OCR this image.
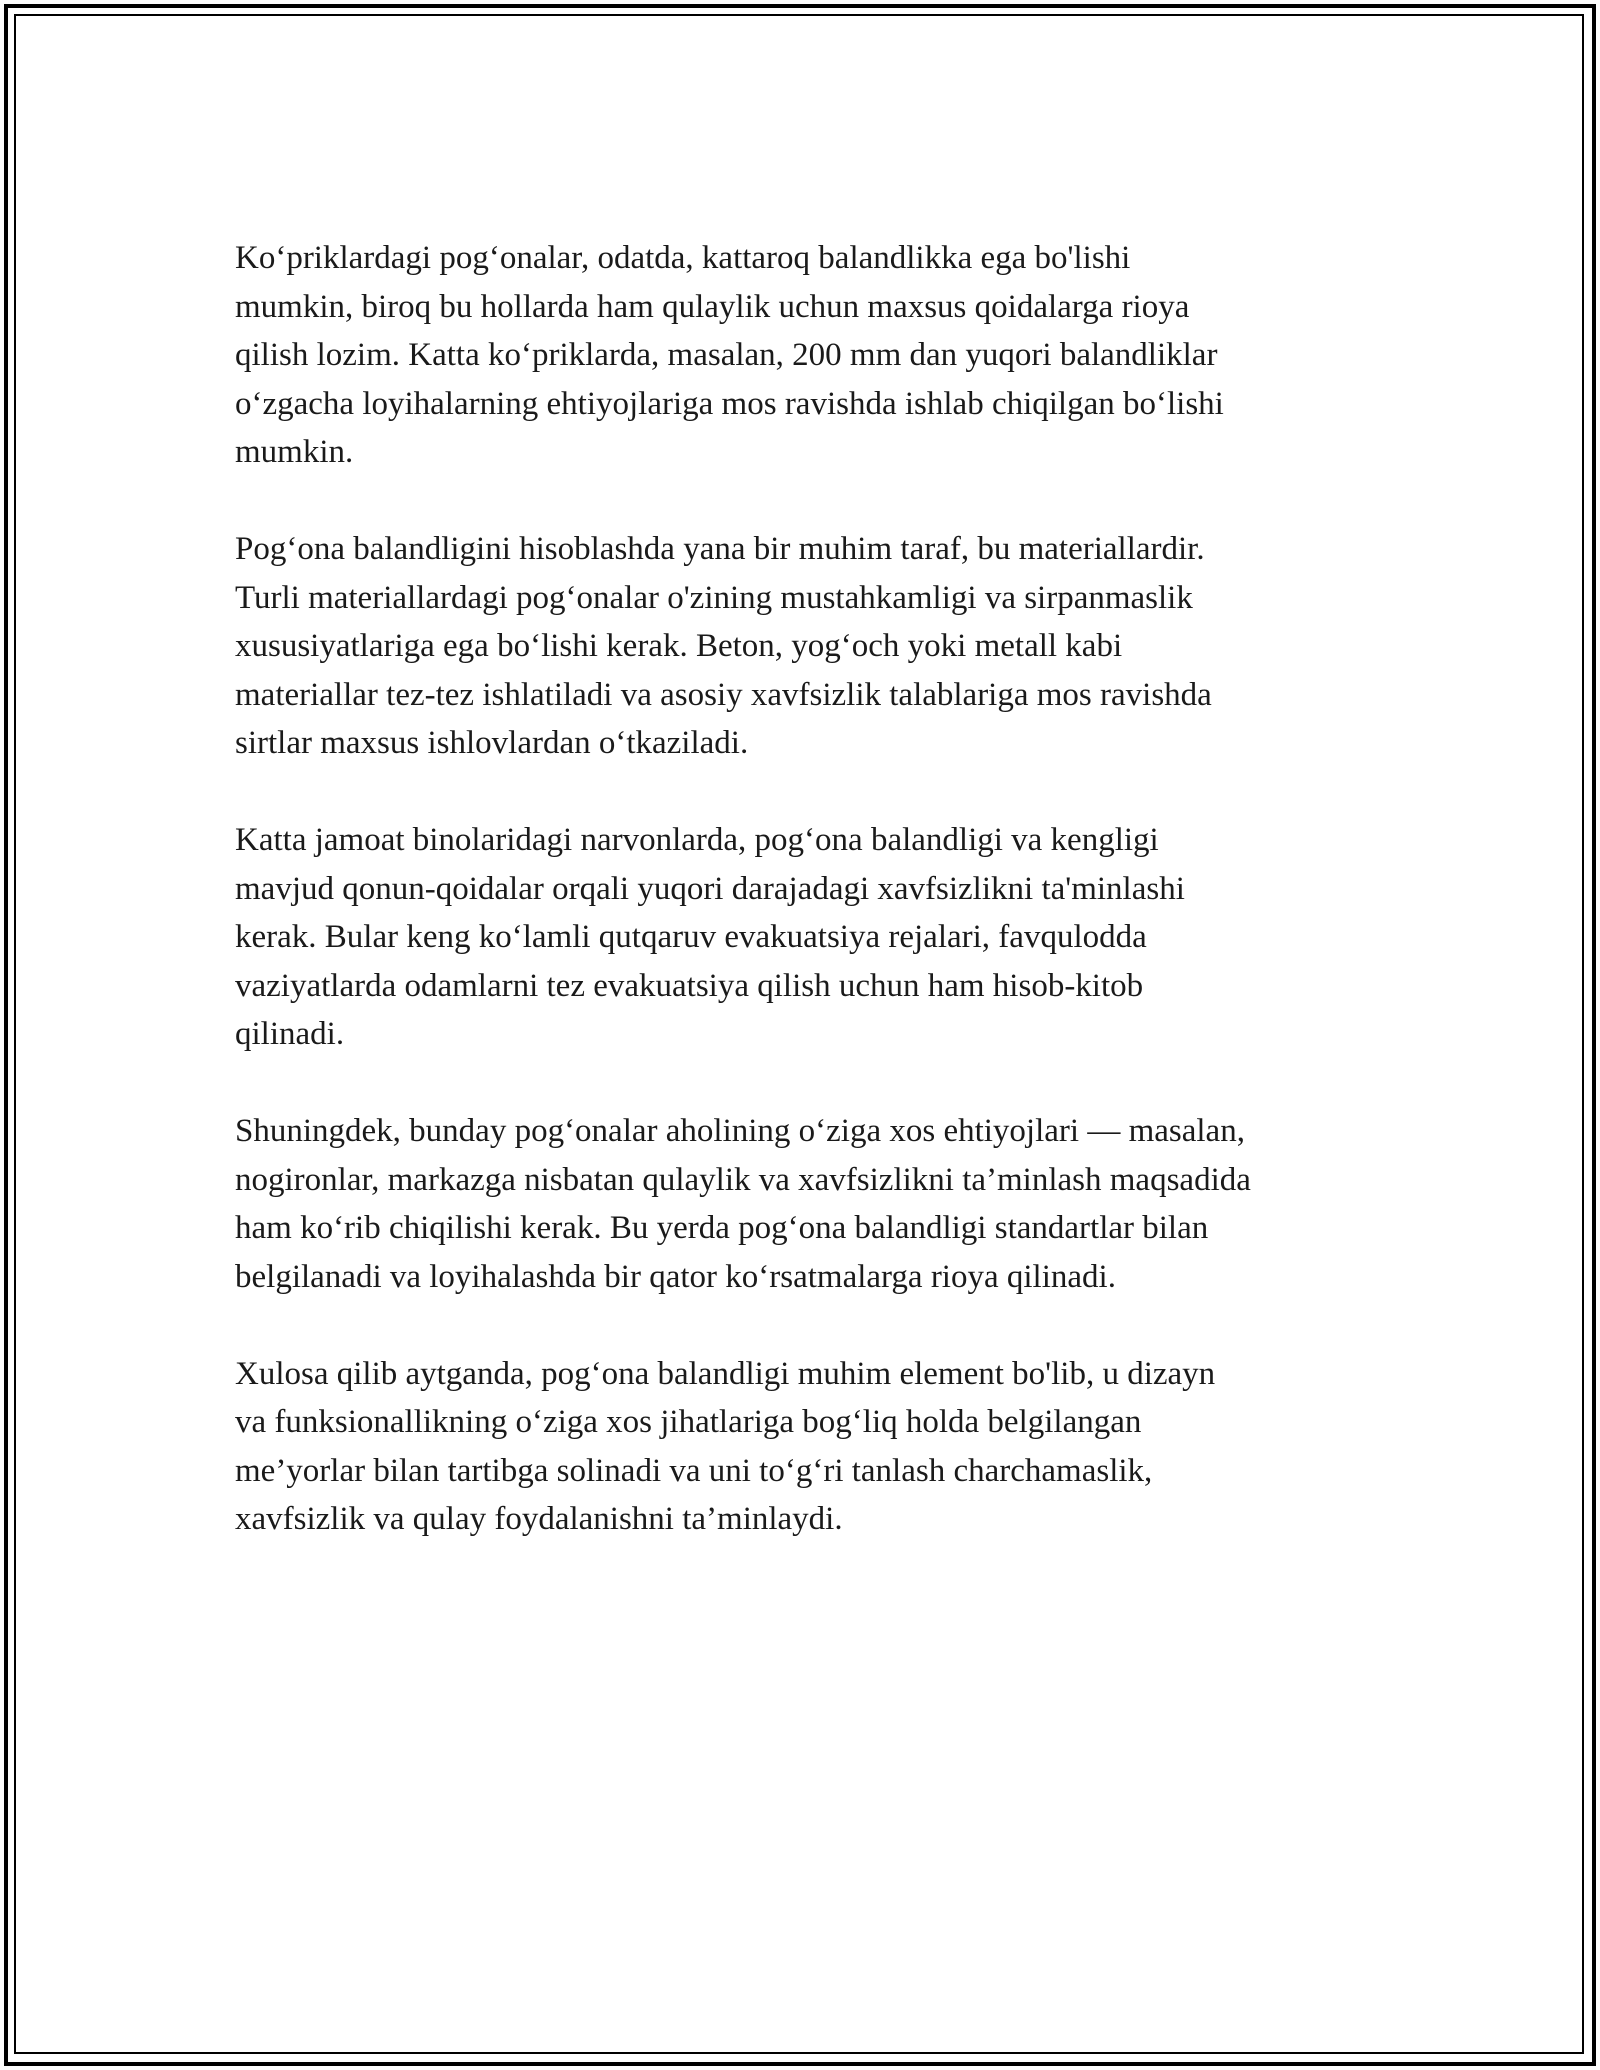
Ko‘priklardagi pog‘onalar, odatda, kattaroq balandlikka ega bo'lishi
mumkin, biroq bu hollarda ham qulaylik uchun maxsus qoidalarga rioya
qilish lozim. Katta ko‘priklarda, masalan, 200 mm dan yuqori balandliklar
o‘zgacha loyihalarning ehtiyojlariga mos ravishda ishlab chiqilgan bo‘lishi
mumkin.

Pog‘ona balandligini hisoblashda yana bir muhim taraf, bu materiallardir.
Turli materiallardagi pog‘onalar o'zining mustahkamligi va sirpanmaslik
xususiyatlariga ega bo‘lishi kerak. Beton, yog‘och yoki metall kabi
materiallar tez-tez ishlatiladi va asosiy xavfsizlik talablariga mos ravishda
sirtlar maxsus ishlovlardan o‘tkaziladi.

Katta jamoat binolaridagi narvonlarda, pog‘ona balandligi va kengligi
mavjud qonun-qoidalar orqali yuqori darajadagi xavfsizlikni ta'minlashi
kerak. Bular keng ko‘lamli qutqaruv evakuatsiya rejalari, favqulodda
vaziyatlarda odamlarni tez evakuatsiya qilish uchun ham hisob-kitob
qilinadi.

Shuningdek, bunday pog‘onalar aholining o‘ziga xos ehtiyojlari — masalan,
nogironlar, markazga nisbatan qulaylik va xavfsizlikni ta’minlash maqsadida
ham ko‘rib chiqilishi kerak. Bu yerda pog‘ona balandligi standartlar bilan
belgilanadi va loyihalashda bir qator ko‘rsatmalarga rioya qilinadi.

Xulosa qilib aytganda, pog‘ona balandligi muhim element bo'lib, u dizayn
va funksionallikning o‘ziga xos jihatlariga bog‘liq holda belgilangan
me’yorlar bilan tartibga solinadi va uni to‘g‘ri tanlash charchamaslik,
xavfsizlik va qulay foydalanishni ta’minlaydi.
